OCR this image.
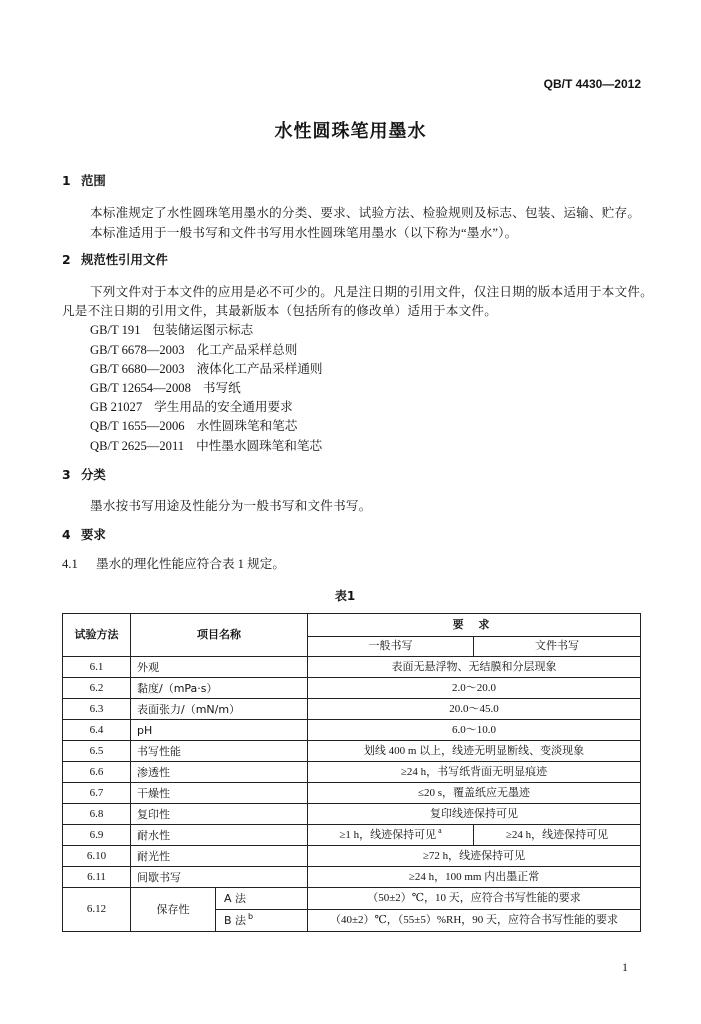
QB/T 4430—2012
水性圆珠笔用墨水
1 范围
本标准规定了水性圆珠笔用墨水的分类、要求、试验方法、检验规则及标志、包装、运输、贮存。
本标准适用于一般书写和文件书写用水性圆珠笔用墨水（以下称为“墨水”）。
2 规范性引用文件
下列文件对于本文件的应用是必不可少的。凡是注日期的引用文件，仅注日期的版本适用于本文件。
凡是不注日期的引用文件，其最新版本（包括所有的修改单）适用于本文件。
GB/T 191 包装储运图示标志
GB/T 6678—2003 化工产品采样总则
GB/T 6680—2003 液体化工产品采样通则
GB/T 12654—2008 书写纸
GB 21027 学生用品的安全通用要求
QB/T 1655—2006 水性圆珠笔和笔芯
QB/T 2625—2011 中性墨水圆珠笔和笔芯
3 分类
墨水按书写用途及性能分为一般书写和文件书写。
4 要求
4.1	墨水的理化性能应符合表 1 规定。
表1
试验方法	项目名称		要 求	
			一般书写	文件书写
6.1	外观		表面无悬浮物、无结膜和分层现象	
6.2	黏度/（mPa·s）		2.0～20.0	
6.3	表面张力/（mN/m）		20.0～45.0	
6.4	pH		6.0～10.0	
6.5	书写性能		划线 400 m 以上，线迹无明显断线、变淡现象	
6.6	渗透性		≥24 h，书写纸背面无明显痕迹	
6.7	干燥性		≤20 s，覆盖纸应无墨迹	
6.8	复印性		复印线迹保持可见	
6.9	耐水性		≥1 h，线迹保持可见 $^a$	≥24 h，线迹保持可见
6.10	耐光性		≥72 h，线迹保持可见	
6.11	间歇书写		≥24 h，100 mm 内出墨正常	
6.12	保存性	A 法	（50±2）℃，10 天，应符合书写性能的要求	
		B 法 $^b$	（40±2）℃，（55±5）%RH，90 天，应符合书写性能的要求	
1
